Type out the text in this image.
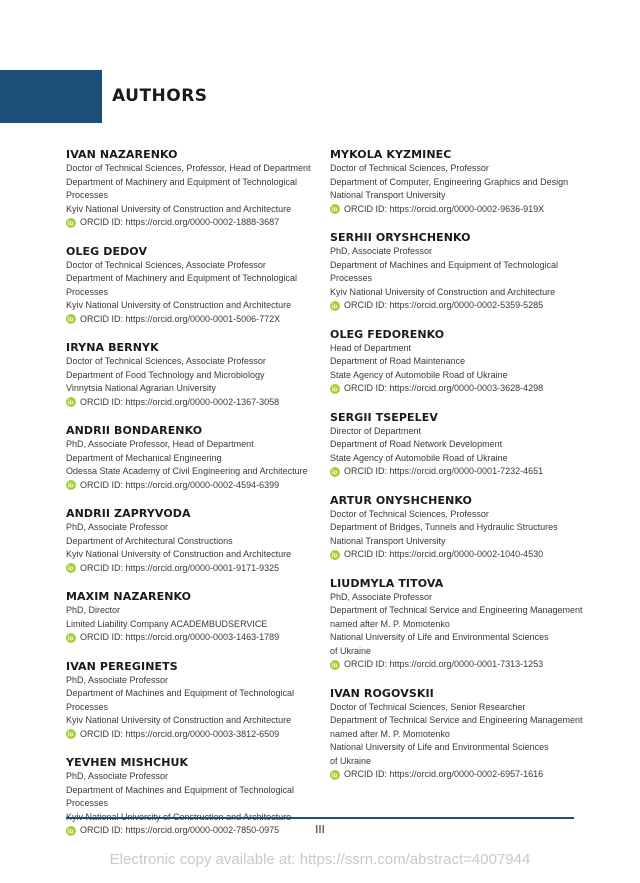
AUTHORS
IVAN NAZARENKO
Doctor of Technical Sciences, Professor, Head of Department
Department of Machinery and Equipment of Technological
Processes
Kyiv National University of Construction and Architecture
ORCID ID: https://orcid.org/0000-0002-1888-3687
OLEG DEDOV
Doctor of Technical Sciences, Associate Professor
Department of Machinery and Equipment of Technological
Processes
Kyiv National University of Construction and Architecture
ORCID ID: https://orcid.org/0000-0001-5006-772X
IRYNA BERNYK
Doctor of Technical Sciences, Associate Professor
Department of Food Technology and Microbiology
Vinnytsia National Agrarian University
ORCID ID: https://orcid.org/0000-0002-1367-3058
ANDRII BONDARENKO
PhD, Associate Professor, Head of Department
Department of Mechanical Engineering
Odessa State Academy of Civil Engineering and Architecture
ORCID ID: https://orcid.org/0000-0002-4594-6399
ANDRII ZAPRYVODA
PhD, Associate Professor
Department of Architectural Constructions
Kyiv National University of Construction and Architecture
ORCID ID: https://orcid.org/0000-0001-9171-9325
MAXIM NAZARENKO
PhD, Director
Limited Liability Company ACADEMBUDSERVICE
ORCID ID: https://orcid.org/0000-0003-1463-1789
IVAN PEREGINETS
PhD, Associate Professor
Department of Machines and Equipment of Technological
Processes
Kyiv National University of Construction and Architecture
ORCID ID: https://orcid.org/0000-0003-3812-6509
YEVHEN MISHCHUK
PhD, Associate Professor
Department of Machines and Equipment of Technological
Processes
ORCID ID: https://orcid.org/0000-0002-7850-0975
MYKOLA KYZMINEC
Doctor of Technical Sciences, Professor
Department of Computer, Engineering Graphics and Design
National Transport University
ORCID ID: https://orcid.org/0000-0002-9636-919X
SERHII ORYSHCHENKO
PhD, Associate Professor
Department of Machines and Equipment of Technological
Processes
Kyiv National University of Construction and Architecture
ORCID ID: https://orcid.org/0000-0002-5359-5285
OLEG FEDORENKO
Head of Department
Department of Road Maintenance
State Agency of Automobile Road of Ukraine
ORCID ID: https://orcid.org/0000-0003-3628-4298
SERGII TSEPELEV
Director of Department
Department of Road Network Development
State Agency of Automobile Road of Ukraine
ORCID ID: https://orcid.org/0000-0001-7232-4651
ARTUR ONYSHCHENKO
Doctor of Technical Sciences, Professor
Department of Bridges, Tunnels and Hydraulic Structures
National Transport University
ORCID ID: https://orcid.org/0000-0002-1040-4530
LIUDMYLA TITOVA
PhD, Associate Professor
Department of Technical Service and Engineering Management
named after M. P. Momotenko
National University of Life and Environmental Sciences
of Ukraine
ORCID ID: https://orcid.org/0000-0001-7313-1253
IVAN ROGOVSKII
Doctor of Technical Sciences, Senior Researcher
Department of Technical Service and Engineering Management
named after M. P. Momotenko
National University of Life and Environmental Sciences
of Ukraine
ORCID ID: https://orcid.org/0000-0002-6957-1616
III
Electronic copy available at: https://ssrn.com/abstract=4007944
